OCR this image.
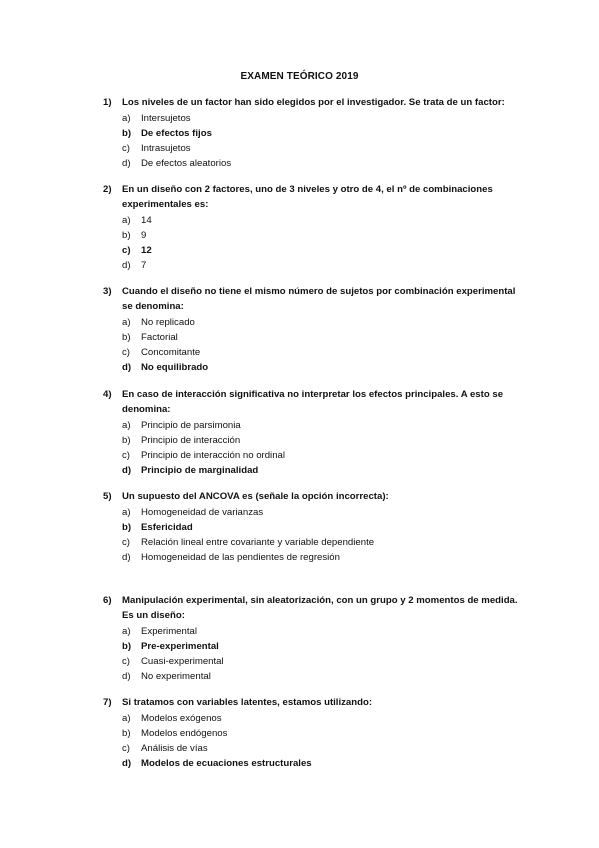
EXAMEN TEÓRICO 2019
1) Los niveles de un factor han sido elegidos por el investigador. Se trata de un factor:
a) Intersujetos
b) De efectos fijos
c) Intrasujetos
d) De efectos aleatorios
2) En un diseño con 2 factores, uno de 3 niveles y otro de 4, el nº de combinaciones experimentales es:
a) 14
b) 9
c) 12
d) 7
3) Cuando el diseño no tiene el mismo número de sujetos por combinación experimental se denomina:
a) No replicado
b) Factorial
c) Concomitante
d) No equilibrado
4) En caso de interacción significativa no interpretar los efectos principales. A esto se denomina:
a) Principio de parsimonia
b) Principio de interacción
c) Principio de interacción no ordinal
d) Principio de marginalidad
5) Un supuesto del ANCOVA es (señale la opción incorrecta):
a) Homogeneidad de varianzas
b) Esfericidad
c) Relación lineal entre covariante y variable dependiente
d) Homogeneidad de las pendientes de regresión
6) Manipulación experimental, sin aleatorización, con un grupo y 2 momentos de medida. Es un diseño:
a) Experimental
b) Pre-experimental
c) Cuasi-experimental
d) No experimental
7) Si tratamos con variables latentes, estamos utilizando:
a) Modelos exógenos
b) Modelos endógenos
c) Análisis de vías
d) Modelos de ecuaciones estructurales
